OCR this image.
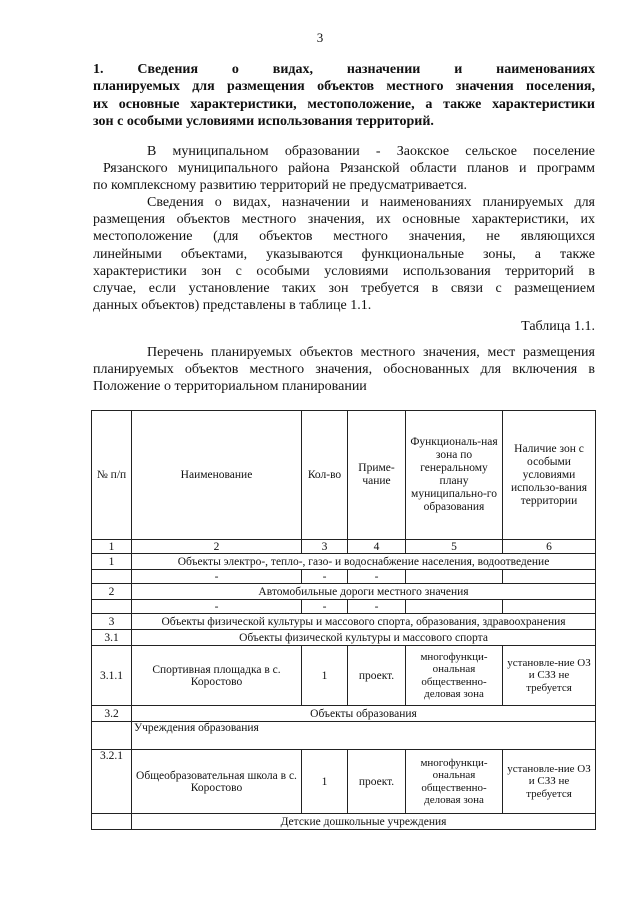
3
1. Сведения о видах, назначении и наименованиях
планируемых для размещения объектов местного значения поселения,
их основные характеристики, местоположение, а также характеристики
зон с особыми условиями использования территорий.
В муниципальном образовании - Заокское сельское поселение
Рязанского муниципального района Рязанской области планов и программ
по комплексному развитию территорий не предусматривается.
Сведения о видах, назначении и наименованиях планируемых для
размещения объектов местного значения, их основные характеристики, их
местоположение (для объектов местного значения, не являющихся
линейными объектами, указываются функциональные зоны, а также
характеристики зон с особыми условиями использования территорий в
случае, если установление таких зон требуется в связи с размещением
данных объектов) представлены в таблице 1.1.
Таблица 1.1.
Перечень планируемых объектов местного значения, мест размещения
планируемых объектов местного значения, обоснованных для включения в
Положение о территориальном планировании
№ п/п	Наименование	Кол-во	Приме-чание	Функциональ-ная зона по генеральному плану муниципально-го образования	Наличие зон с особыми условиями использо-вания территории
1	2	3	4	5	6
1	Объекты электро-, тепло-, газо- и водоснабжение населения, водоотведение				
	-	-	-		
2	Автомобильные дороги местного значения				
	-	-	-		
3	Объекты физической культуры и массового спорта, образования, здравоохранения				
3.1	Объекты физической культуры и массового спорта				
3.1.1	Спортивная площадка в с. Коростово	1	проект.	многофункци-ональная общественно-деловая зона	установле-ние ОЗ и СЗЗ не требуется
3.2	Объекты образования				
	Учреждения образования				
3.2.1	Общеобразовательная школа в с. Коростово	1	проект.	многофункци-ональная общественно-деловая зона	установле-ние ОЗ и СЗЗ не требуется
	Детские дошкольные учреждения				
